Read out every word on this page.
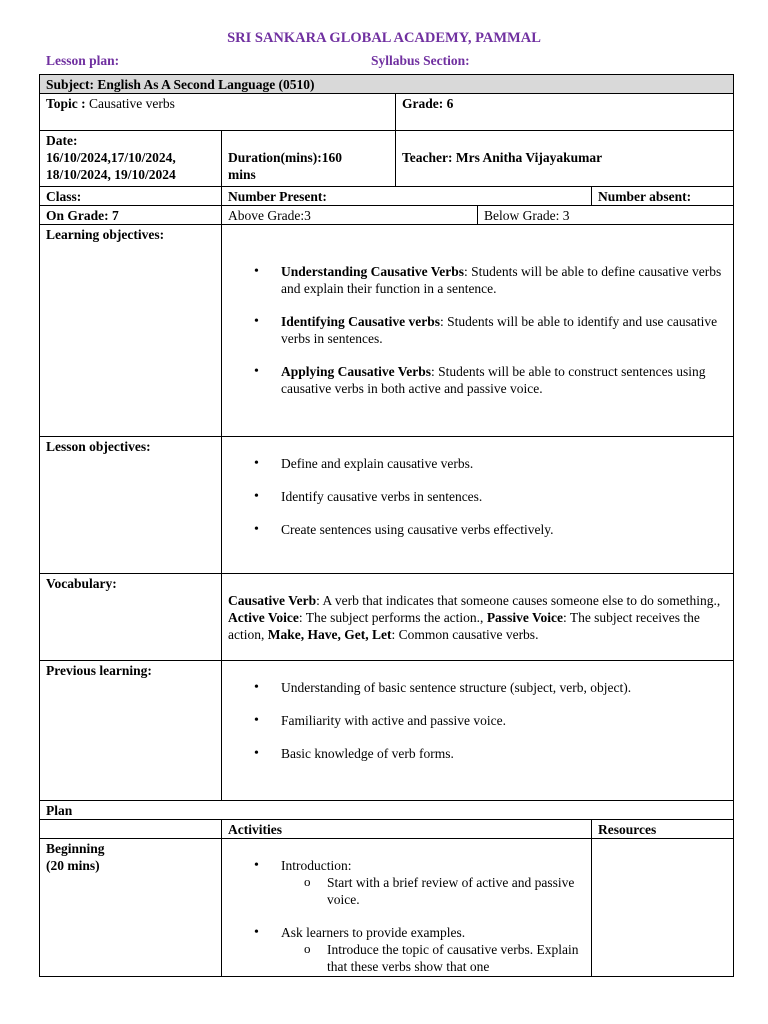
SRI SANKARA GLOBAL ACADEMY, PAMMAL
Lesson plan:	Syllabus Section:
Subject: English As A Second Language (0510)
Topic : Causative verbs	Grade: 6
Date:
16/10/2024,17/10/2024,
18/10/2024, 19/10/2024
Duration(mins):160
mins
Teacher: Mrs Anitha Vijayakumar
Class:	Number Present:	Number absent:
On Grade: 7	Above Grade:3	Below Grade: 3
Learning objectives:
• Understanding Causative Verbs: Students will be able to define causative verbs and explain their function in a sentence.
• Identifying Causative verbs: Students will be able to identify and use causative verbs in sentences.
• Applying Causative Verbs: Students will be able to construct sentences using causative verbs in both active and passive voice.
Lesson objectives:
• Define and explain causative verbs.
• Identify causative verbs in sentences.
• Create sentences using causative verbs effectively.
Vocabulary:
Causative Verb: A verb that indicates that someone causes someone else to do something., Active Voice: The subject performs the action., Passive Voice: The subject receives the action, Make, Have, Get, Let: Common causative verbs.
Previous learning:
• Understanding of basic sentence structure (subject, verb, object).
• Familiarity with active and passive voice.
• Basic knowledge of verb forms.
Plan
Activities	Resources
Beginning
(20 mins)
•	Introduction:
o Start with a brief review of active and passive voice.
• Ask learners to provide examples.
o Introduce the topic of causative verbs. Explain that these verbs show that one
